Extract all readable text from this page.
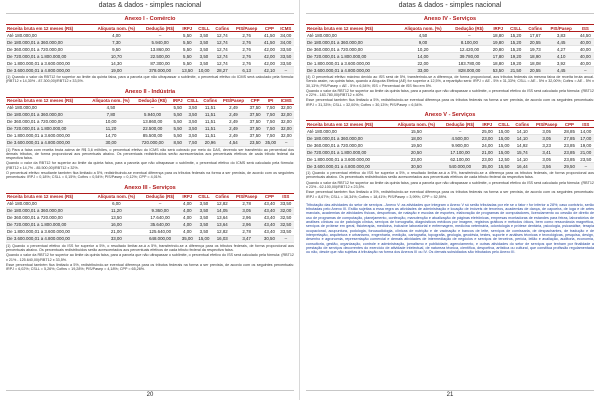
datas & dados - simples nacional
Anexo I - Comércio
Receita bruta em 12 meses (R$)	Alíquota nom. (%)	Dedução (R$)	IRPJ	CSLL	Cofins	PIS/Pasep	CPP	ICMS
Até 180.000,00	4,00	–	5,50	3,50	12,74	2,76	41,50	34,00
De 180.000,01 a 360.000,00	7,30	5.940,00	5,50	3,50	12,74	2,76	41,50	34,00
De 360.000,01 a 720.000,00	9,50	13.860,00	5,50	3,50	12,74	2,76	42,00	33,50
De 720.000,01 a 1.800.000,00	10,70	22.500,00	5,50	3,50	12,74	2,76	42,00	33,50
De 1.800.000,01 a 3.600.000,00	14,30	87.300,00	5,50	3,50	12,74	2,76	42,00	33,50
De 3.600.000,01 a 4.800.000,00	19,00	378.000,00	13,50	10,00	28,27	6,13	42,10	–

(1) Quando o valor da RBT12 for superior ao limite da quinta faixa, para a parcela que não ultrapassar o sublimite, o percentual efetivo do ICMS será calculado pela fórmula: (RBT12 x 14,30% - 87.300,00)/RBT12 x 33,5%.

Anexo II - Indústria
Receita bruta em 12 meses (R$)	Alíquota nom. (%)	Dedução (R$)	IRPJ	CSLL	Cofins	PIS/Pasep	CPP	IPI	ICMS
Até 180.000,00	4,50	–	5,50	3,50	11,51	2,49	37,50	7,50	32,00
De 180.000,01 a 360.000,00	7,80	5.940,00	5,50	3,50	11,51	2,49	37,50	7,50	32,00
De 360.000,01 a 720.000,00	10,00	13.860,00	5,50	3,50	11,51	2,49	37,50	7,50	32,00
De 720.000,01 a 1.800.000,00	11,20	22.500,00	5,50	3,50	11,51	2,49	37,50	7,50	32,00
De 1.800.000,01 a 3.600.000,00	14,70	85.500,00	5,50	3,50	11,51	2,49	37,50	7,50	32,00
De 3.600.000,01 a 4.800.000,00	30,00	720.000,00	8,50	7,50	20,96	4,54	23,50	35,00	–

(1) Para a faixa com receita bruta acima de R$ 3,6 milhões, o percentual efetivo do ICMS não será cobrado por meio do DAS, devendo ser transferido ao percentual dos demais tributos, de forma proporcional aos percentuais abaixo. Os percentuais redistribuídos serão acrescentados aos percentuais efetivos de cada tributo federal da respectiva faixa.

Quando o valor da RBT12 for superior ao limite da quinta faixa, para a parcela que não ultrapassar o sublimite, o percentual efetivo do ICMS será calculado pela fórmula: (RBT12 x 14,7% - 85.500,00)/RBT12 x 32%.

O percentual efetivo resultante também fica limitado a 5%, redistribuindo-se eventual diferença para os tributos federais na forma a ser prevista, de acordo com os seguintes percentuais: IRPJ = 0,18%; CSLL = 0,15%; Cofins = 0,54%; PIS/Pasep = 0,12%; CPP = 4,01%.

Anexo III - Serviços
Receita bruta em 12 meses (R$)	Alíquota nom. (%)	Dedução (R$)	IRPJ	CSLL	Cofins	PIS/Pasep	CPP	ISS
Até 180.000,00	6,00	–	4,00	3,50	12,82	2,78	43,40	33,50
De 180.000,01 a 360.000,00	11,20	9.360,00	4,00	3,50	14,05	3,05	43,40	32,00
De 360.000,01 a 720.000,00	13,50	17.640,00	4,00	3,50	13,64	2,96	43,40	32,50
De 720.000,01 a 1.800.000,00	16,00	35.640,00	4,00	3,50	13,64	2,96	43,40	32,50
De 1.800.000,01 a 3.600.000,00	21,00	125.640,00	4,00	3,50	12,82	2,78	43,40	33,50
De 3.600.000,01 a 4.800.000,00	33,00	648.000,00	35,00	15,00	16,03	3,47	30,50	–

(1) Quando o percentual efetivo do ISS for superior a 5%, o resultado limitar-se-á a 5%, transferindo-se a diferença para os tributos federais, de forma proporcional aos percentuais abaixo. Os percentuais redistribuídos serão acrescentados aos percentuais efetivos de cada tributo federal da respectiva faixa.

Quando o valor da RBT12 for superior ao limite da quinta faixa, para a parcela que não ultrapassar o sublimite, o percentual efetivo do ISS será calculado pela fórmula: (RBT12 x 21% - 125.640,00)/RBT12 x 33,5%.

Esse percentual também fica limitado a 5%, redistribuindo-se eventual diferença para os tributos federais na forma a ser prevista, de acordo com os seguintes percentuais: IRPJ = 6,02%; CSLL = 5,26%; Cofins = 19,28%; PIS/Pasep = 4,18%; CPP = 65,26%.

20
datas & dados - simples nacional
Anexo IV - Serviços
Receita bruta em 12 meses (R$)	Alíquota nom. (%)	Dedução (R$)	IRPJ	CSLL	Cofins	PIS/Pasep	ISS
Até 180.000,00	4,50	–	18,80	15,20	17,67	3,83	44,50
De 180.000,01 a 360.000,00	9,00	8.100,00	19,80	15,20	20,55	4,45	40,00
De 360.000,01 a 720.000,00	10,20	12.420,00	20,80	15,20	19,73	4,27	40,00
De 720.000,01 a 1.800.000,00	14,00	39.780,00	17,80	19,20	18,90	4,10	40,00
De 1.800.000,01 a 3.600.000,00	22,00	183.780,00	18,80	19,20	18,08	3,92	40,00
De 3.600.000,01 a 4.800.000,00	33,00	828.000,00	53,50	21,50	20,55	4,45	–

(4) O percentual efetivo máximo devido ao ISS será de 5%, transferindo-se a diferença, de forma proporcional, aos tributos federais da mesma faixa de receita bruta anual. Sendo assim, na quinta faixa, quando a Alíquota Efetiva (AE) for superior a 12,5%, a repartição será: IRPJ = AE - 5% x 31,33%; CSLL = AE - 5% x 32,00%; Cofins = AE - 5% x 30,13%; PIS/Pasep = AE - 5% x 6,54%; ISS = Percentual de ISS fixo em 5%.

Quando o valor da RBT12 for superior ao limite da quinta faixa, para a parcela que não ultrapassar o sublimite, o percentual efetivo do ISS será calculado pela fórmula: (RBT12 x 22% - 183.780,00)/RBT12 x 40%.

Esse percentual também fica limitado a 5%, redistribuindo-se eventual diferença para os tributos federais na forma a ser prevista, de acordo com os seguintes percentuais: IRPJ = 31,33%; CSLL = 32,00%; Cofins = 30,13%; PIS/Pasep = 6,54%.

Anexo V - Serviços
Receita bruta em 12 meses (R$)	Alíquota nom. (%)	Dedução (R$)	IRPJ	CSLL	Cofins	PIS/Pasep	CPP	ISS
Até 180.000,00	15,50	–	25,00	15,00	14,10	3,05	28,85	14,00
De 180.000,01 a 360.000,00	18,00	4.500,00	23,00	15,00	14,10	3,05	27,85	17,00
De 360.000,01 a 720.000,00	19,50	9.900,00	24,00	15,00	14,92	3,23	23,85	19,00
De 720.000,01 a 1.800.000,00	20,50	17.100,00	21,00	15,00	15,74	3,41	23,85	21,00
De 1.800.000,01 a 3.600.000,00	23,00	62.100,00	23,00	12,50	14,10	3,05	23,85	23,50
De 3.600.000,01 a 4.800.000,00	30,50	540.000,00	35,00	15,50	16,44	3,56	29,50	–

(1) Quando o percentual efetivo do ISS for superior a 5%, o resultado limitar-se-á a 5%, transferindo-se a diferença para os tributos federais, de forma proporcional aos percentuais abaixo. Os percentuais redistribuídos serão acrescentados aos percentuais efetivos de cada tributo federal da respectiva faixa.

Quando o valor da RBT12 for superior ao limite da quinta faixa, para a parcela que não ultrapassar o sublimite, o percentual efetivo do ISS será calculado pela fórmula: (RBT12 x 23% - 62.100,00)/RBT12 x 23,5%.

Esse percentual também fica limitado a 5%, redistribuindo-se eventual diferença para os tributos federais na forma a ser prevista, de acordo com os seguintes percentuais: IRPJ = 8,67%; CSLL = 16,34%; Cofins = 18,41%; PIS/Pasep = 3,99%; CPP = 52,59%.

Tributação das atividades do setor de serviços - Anexo V: as atividades que integram o Anexo V só serão tributadas por ele se o fator r for inferior a 28%; caso contrário, serão tributadas pelo Anexo III. Estão sujeitas a essa regra as atividades de administração e locação de imóveis de terceiros, academias de dança, de capoeira, de ioga e de artes marciais, academias de atividades físicas, desportivas, de natação e escolas de esportes, elaboração de programas de computadores, licenciamento ou cessão de direito de uso de programas de computação, planejamento, confecção, manutenção e atualização de páginas eletrônicas, empresas montadoras de estandes para feiras, laboratórios de análises clínicas ou de patologia clínica, serviços de tomografia, diagnósticos médicos por imagem, registros gráficos e métodos óticos, bem como ressonância magnética, serviços de prótese em geral, fisioterapia, medicina, inclusive laboratorial e enfermagem, medicina veterinária, odontologia e prótese dentária, psicologia, psicanálise, terapia ocupacional, acupuntura, podologia, fonoaudiologia, clínicas de nutrição e de vacinação e bancos de leite, serviços de comissaria, de despachantes, de tradução e de interpretação, arquitetura e urbanismo, engenharia, medição, cartografia, topografia, geologia, geodésia, testes, suporte e análises técnicas e tecnológicas, pesquisa, design, desenho e agronomia, representação comercial e demais atividades de intermediação de negócios e serviços de terceiros, perícia, leilão e avaliação, auditoria, economia, consultoria, gestão, organização, controle e administração, jornalismo e publicidade, agenciamento, e outras atividades do setor de serviços que tenham por finalidade a prestação de serviços decorrentes do exercício de atividade intelectual, de natureza técnica, científica, desportiva, artística ou cultural, que constitua profissão regulamentada ou não, desde que não sujeitas à tributação na forma dos Anexos III ou IV. Os demais subsidiados são tributados pelo Anexo III.

21
